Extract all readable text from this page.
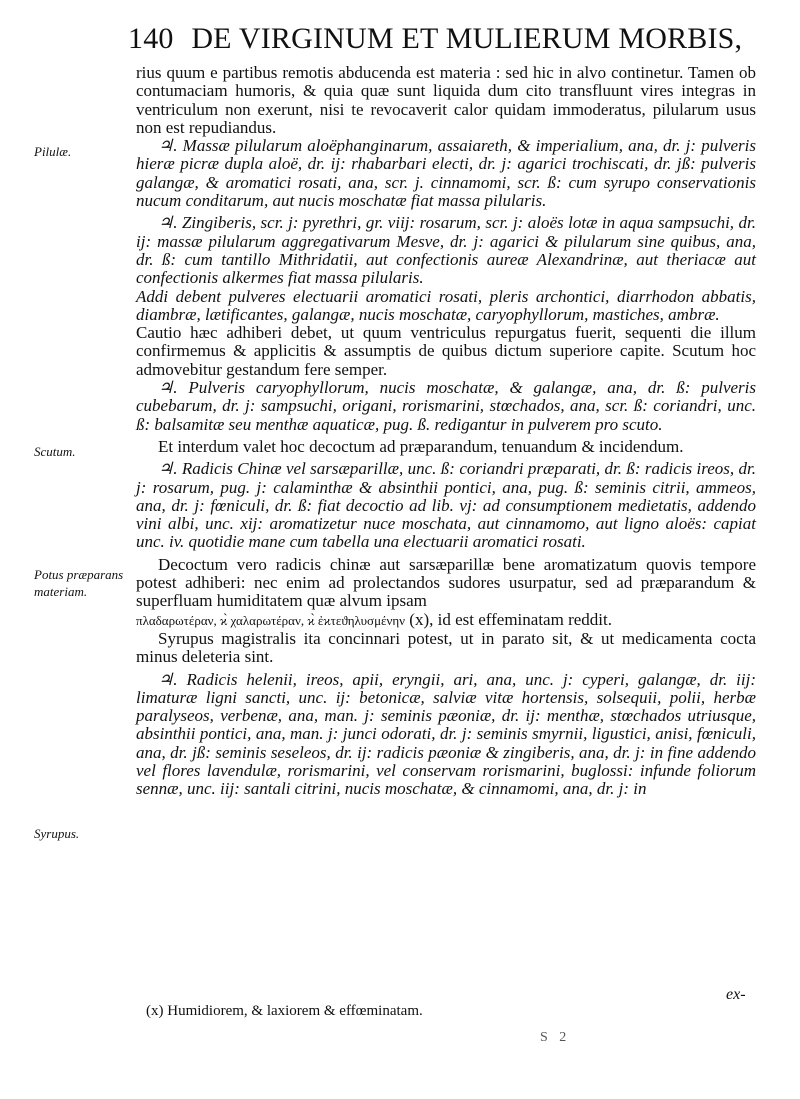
140 DE VIRGINUM ET MULIERUM MORBIS,
Pilulæ.
Scutum.
Potus præparans materiam.
Syrupus.

rius quum e partibus remotis abducenda est materia : sed hic in alvo continetur. Tamen ob contumaciam humoris, & quia quæ sunt liquida dum cito transfluunt vires integras in ventriculum non exerunt, nisi te revocaverit calor quidam immoderatus, pilularum usus non est repudiandus.

♃. Massæ pilularum aloëphanginarum, assaiareth, & imperialium, ana, dr. j: pulveris hieræ picræ dupla aloë, dr. ij: rhabarbari electi, dr. j: agarici trochiscati, dr. jß: pulveris galangæ, & aromatici rosati, ana, scr. j. cinnamomi, scr. ß: cum syrupo conservationis nucum conditarum, aut nucis moschatæ fiat massa pilularis.

♃. Zingiberis, scr. j: pyrethri, gr. viij: rosarum, scr. j: aloës lotæ in aqua sampsuchi, dr. ij: massæ pilularum aggregativarum Mesve, dr. j: agarici & pilularum sine quibus, ana, dr. ß: cum tantillo Mithridatii, aut confectionis aureæ Alexandrinæ, aut theriacæ aut confectionis alkermes fiat massa pilularis.

Addi debent pulveres electuarii aromatici rosati, pleris archontici, diarrhodon abbatis, diambræ, lætificantes, galangæ, nucis moschatæ, caryophyllorum, mastiches, ambræ.

Cautio hæc adhiberi debet, ut quum ventriculus repurgatus fuerit, sequenti die illum confirmemus & applicitis & assumptis de quibus dictum superiore capite. Scutum hoc admovebitur gestandum fere semper.

♃. Pulveris caryophyllorum, nucis moschatæ, & galangæ, ana, dr. ß: pulveris cubebarum, dr. j: sampsuchi, origani, rorismarini, stœchados, ana, scr. ß: coriandri, unc. ß: balsamitæ seu menthæ aquaticæ, pug. ß. redigantur in pulverem pro scuto.

Et interdum valet hoc decoctum ad præparandum, tenuandum & incidendum.

♃. Radicis Chinæ vel sarsæparillæ, unc. ß: coriandri præparati, dr. ß: radicis ireos, dr. j: rosarum, pug. j: calaminthæ & absinthii pontici, ana, pug. ß: seminis citrii, ammeos, ana, dr. j: fœniculi, dr. ß: fiat decoctio ad lib. vj: ad consumptionem medietatis, addendo vini albi, unc. xij: aromatizetur nuce moschata, aut cinnamomo, aut ligno aloës: capiat unc. iv. quotidie mane cum tabella una electuarii aromatici rosati.

Decoctum vero radicis chinæ aut sarsæparillæ bene aromatizatum quovis tempore potest adhiberi: nec enim ad prolectandos sudores usurpatur, sed ad præparandum & superfluam humiditatem quæ alvum ipsam

πλαδαρωτέραν, ϰ̀ χαλαρωτέραν, ϰ̀ ἐϰτεϑηλυσμένην (x), id est effeminatam reddit.

Syrupus magistralis ita concinnari potest, ut in parato sit, & ut medicamenta cocta minus deleteria sint.

♃. Radicis helenii, ireos, apii, eryngii, ari, ana, unc. j: cyperi, galangæ, dr. iij: limaturæ ligni sancti, unc. ij: betonicæ, salviæ vitæ hortensis, solsequii, polii, herbæ paralyseos, verbenæ, ana, man. j: seminis pæoniæ, dr. ij: menthæ, stœchados utriusque, absinthii pontici, ana, man. j: junci odorati, dr. j: seminis smyrnii, ligustici, anisi, fœniculi, ana, dr. jß: seminis seseleos, dr. ij: radicis pæoniæ & zingiberis, ana, dr. j: in fine addendo vel flores lavendulæ, rorismarini, vel conservam rorismarini, buglossi: infunde foliorum sennæ, unc. iij: santali citrini, nucis moschatæ, & cinnamomi, ana, dr. j: in

ex-
(x) Humidiorem, & laxiorem & effœminatam.
S 2
